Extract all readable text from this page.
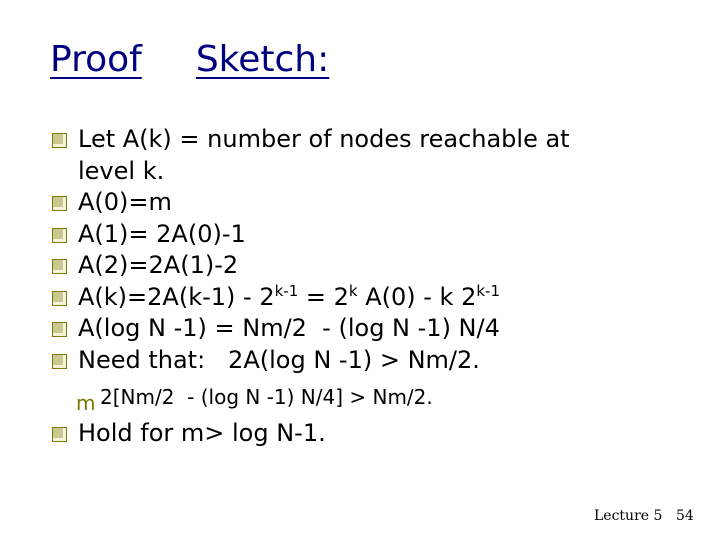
Proof Sketch:
Let A(k) = number of nodes reachable at
level k.
A(0)=m
A(1)= 2A(0)-1
A(2)=2A(1)-2
$A(k)=2A(k-1) - 2^{k-1} = 2^k$ A(0) - k 2$^{k-1}$
A(log N -1) = Nm/2  - (log N -1) N/4
Need that:   2A(log N -1) > Nm/2.
m 2[Nm/2  - (log N -1) N/4] > Nm/2.
Hold for m> log N-1.
Lecture 5 54
